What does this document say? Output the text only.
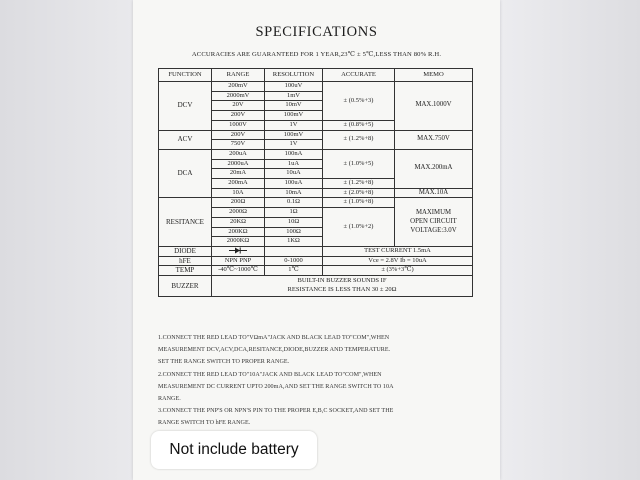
SPECIFICATIONS
ACCURACIES ARE GUARANTEED FOR 1 YEAR,23℃ ± 5℃,LESS THAN 80% R.H.
FUNCTION	RANGE	RESOLUTION	ACCURATE	MEMO
DCV	200mV	100uV	± (0.5%+3)	MAX.1000V
	2000mV	1mV		
	20V	10mV		
	200V	100mV		
	1000V	1V	± (0.8%+5)	
ACV	200V	100mV	± (1.2%+8)	MAX.750V
	750V	1V		
DCA	200uA	100nA	± (1.0%+5)	MAX.200mA
	2000uA	1uA		
	20mA	10uA		
	200mA	100uA	± (1.2%+8)	
	10A	10mA	± (2.0%+8)	MAX.10A
RESITANCE	200Ω	0.1Ω	± (1.0%+8)	MAXIMUM
OPEN CIRCUIT
VOLTAGE:3.0V

	2000Ω	1Ω	± (1.0%+2)	
	20KΩ	10Ω		
	200KΩ	100Ω		
	2000KΩ	1KΩ		
DIODE			TEST CURRENT 1.5mA	
hFE	NPN PNP	0-1000	Vce = 2.8V Ib = 10uA	
TEMP	-40℃~1000℃	1℃	± (3%+3℃)	
BUZZER	BUILT-IN BUZZER SOUNDS IF
RESISTANCE IS LESS THAN 30 ± 20Ω			

1.CONNECT THE RED LEAD TO"VΩmA"JACK AND BLACK LEAD TO"COM",WHEN

MEASUREMENT DCV,ACV,DCA,RESITANCE,DIODE,BUZZER AND TEMPERATURE.

SET THE RANGE SWITCH TO PROPER RANGE.

2.CONNECT THE RED LEAD TO"10A"JACK AND BLACK LEAD TO"COM",WHEN

MEASUREMENT DC CURRENT UPTO 200mA,AND SET THE RANGE SWITCH TO 10A

RANGE.

3.CONNECT THE PNP'S OR NPN'S PIN TO THE PROPER E,B,C SOCKET,AND SET THE

RANGE SWITCH TO hFE RANGE.

Not include battery
